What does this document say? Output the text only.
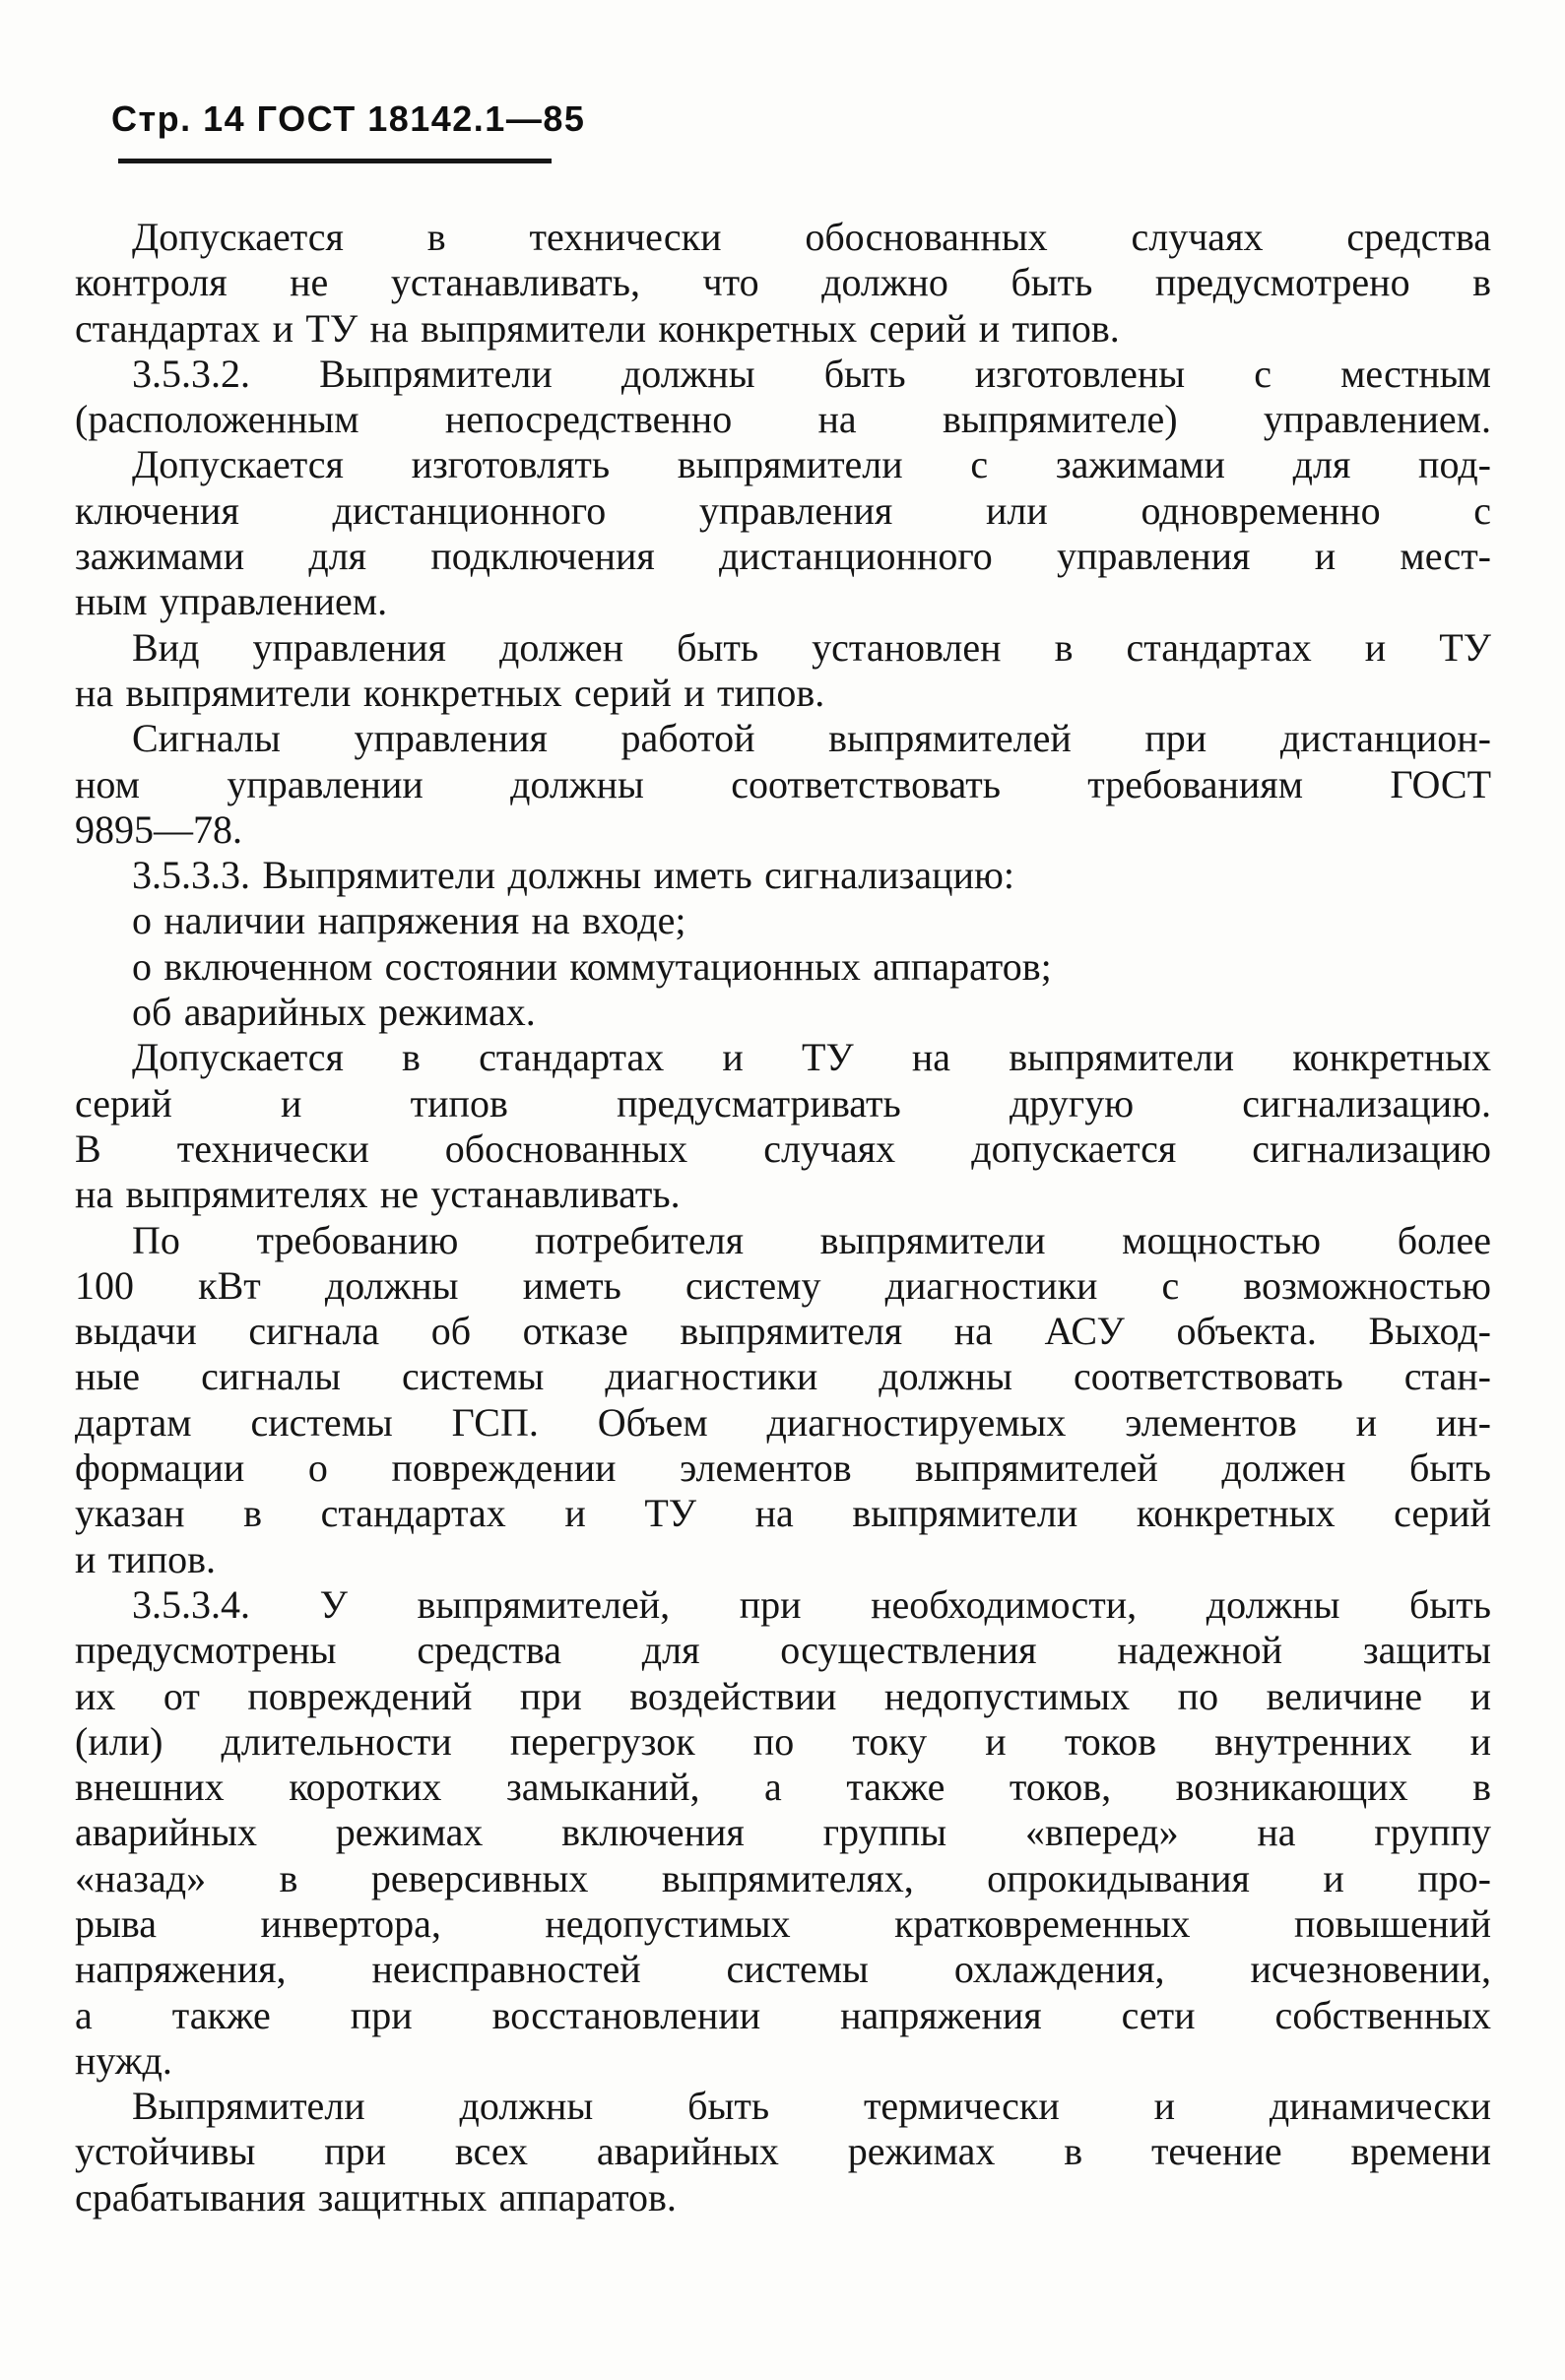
Стр. 14 ГОСТ 18142.1—85
Допускается в технически обоснованных случаях средства
контроля не устанавливать, что должно быть предусмотрено в
стандартах и ТУ на выпрямители конкретных серий и типов.
3.5.3.2. Выпрямители должны быть изготовлены с местным
(расположенным непосредственно на выпрямителе) управлением.
Допускается изготовлять выпрямители с зажимами для под-
ключения дистанционного управления или одновременно с
зажимами для подключения дистанционного управления и мест-
ным управлением.
Вид управления должен быть установлен в стандартах и ТУ
на выпрямители конкретных серий и типов.
Сигналы управления работой выпрямителей при дистанцион-
ном управлении должны соответствовать требованиям ГОСТ
9895—78.
3.5.3.3. Выпрямители должны иметь сигнализацию:
о наличии напряжения на входе;
о включенном состоянии коммутационных аппаратов;
об аварийных режимах.
Допускается в стандартах и ТУ на выпрямители конкретных
серий и типов предусматривать другую сигнализацию.
В технически обоснованных случаях допускается сигнализацию
на выпрямителях не устанавливать.
По требованию потребителя выпрямители мощностью более
100 кВт должны иметь систему диагностики с возможностью
выдачи сигнала об отказе выпрямителя на АСУ объекта. Выход-
ные сигналы системы диагностики должны соответствовать стан-
дартам системы ГСП. Объем диагностируемых элементов и ин-
формации о повреждении элементов выпрямителей должен быть
указан в стандартах и ТУ на выпрямители конкретных серий
и типов.
3.5.3.4. У выпрямителей, при необходимости, должны быть
предусмотрены средства для осуществления надежной защиты
их от повреждений при воздействии недопустимых по величине и
(или) длительности перегрузок по току и токов внутренних и
внешних коротких замыканий, а также токов, возникающих в
аварийных режимах включения группы «вперед» на группу
«назад» в реверсивных выпрямителях, опрокидывания и про-
рыва инвертора, недопустимых кратковременных повышений
напряжения, неисправностей системы охлаждения, исчезновении,
а также при восстановлении напряжения сети собственных
нужд.
Выпрямители должны быть термически и динамически
устойчивы при всех аварийных режимах в течение времени
срабатывания защитных аппаратов.
